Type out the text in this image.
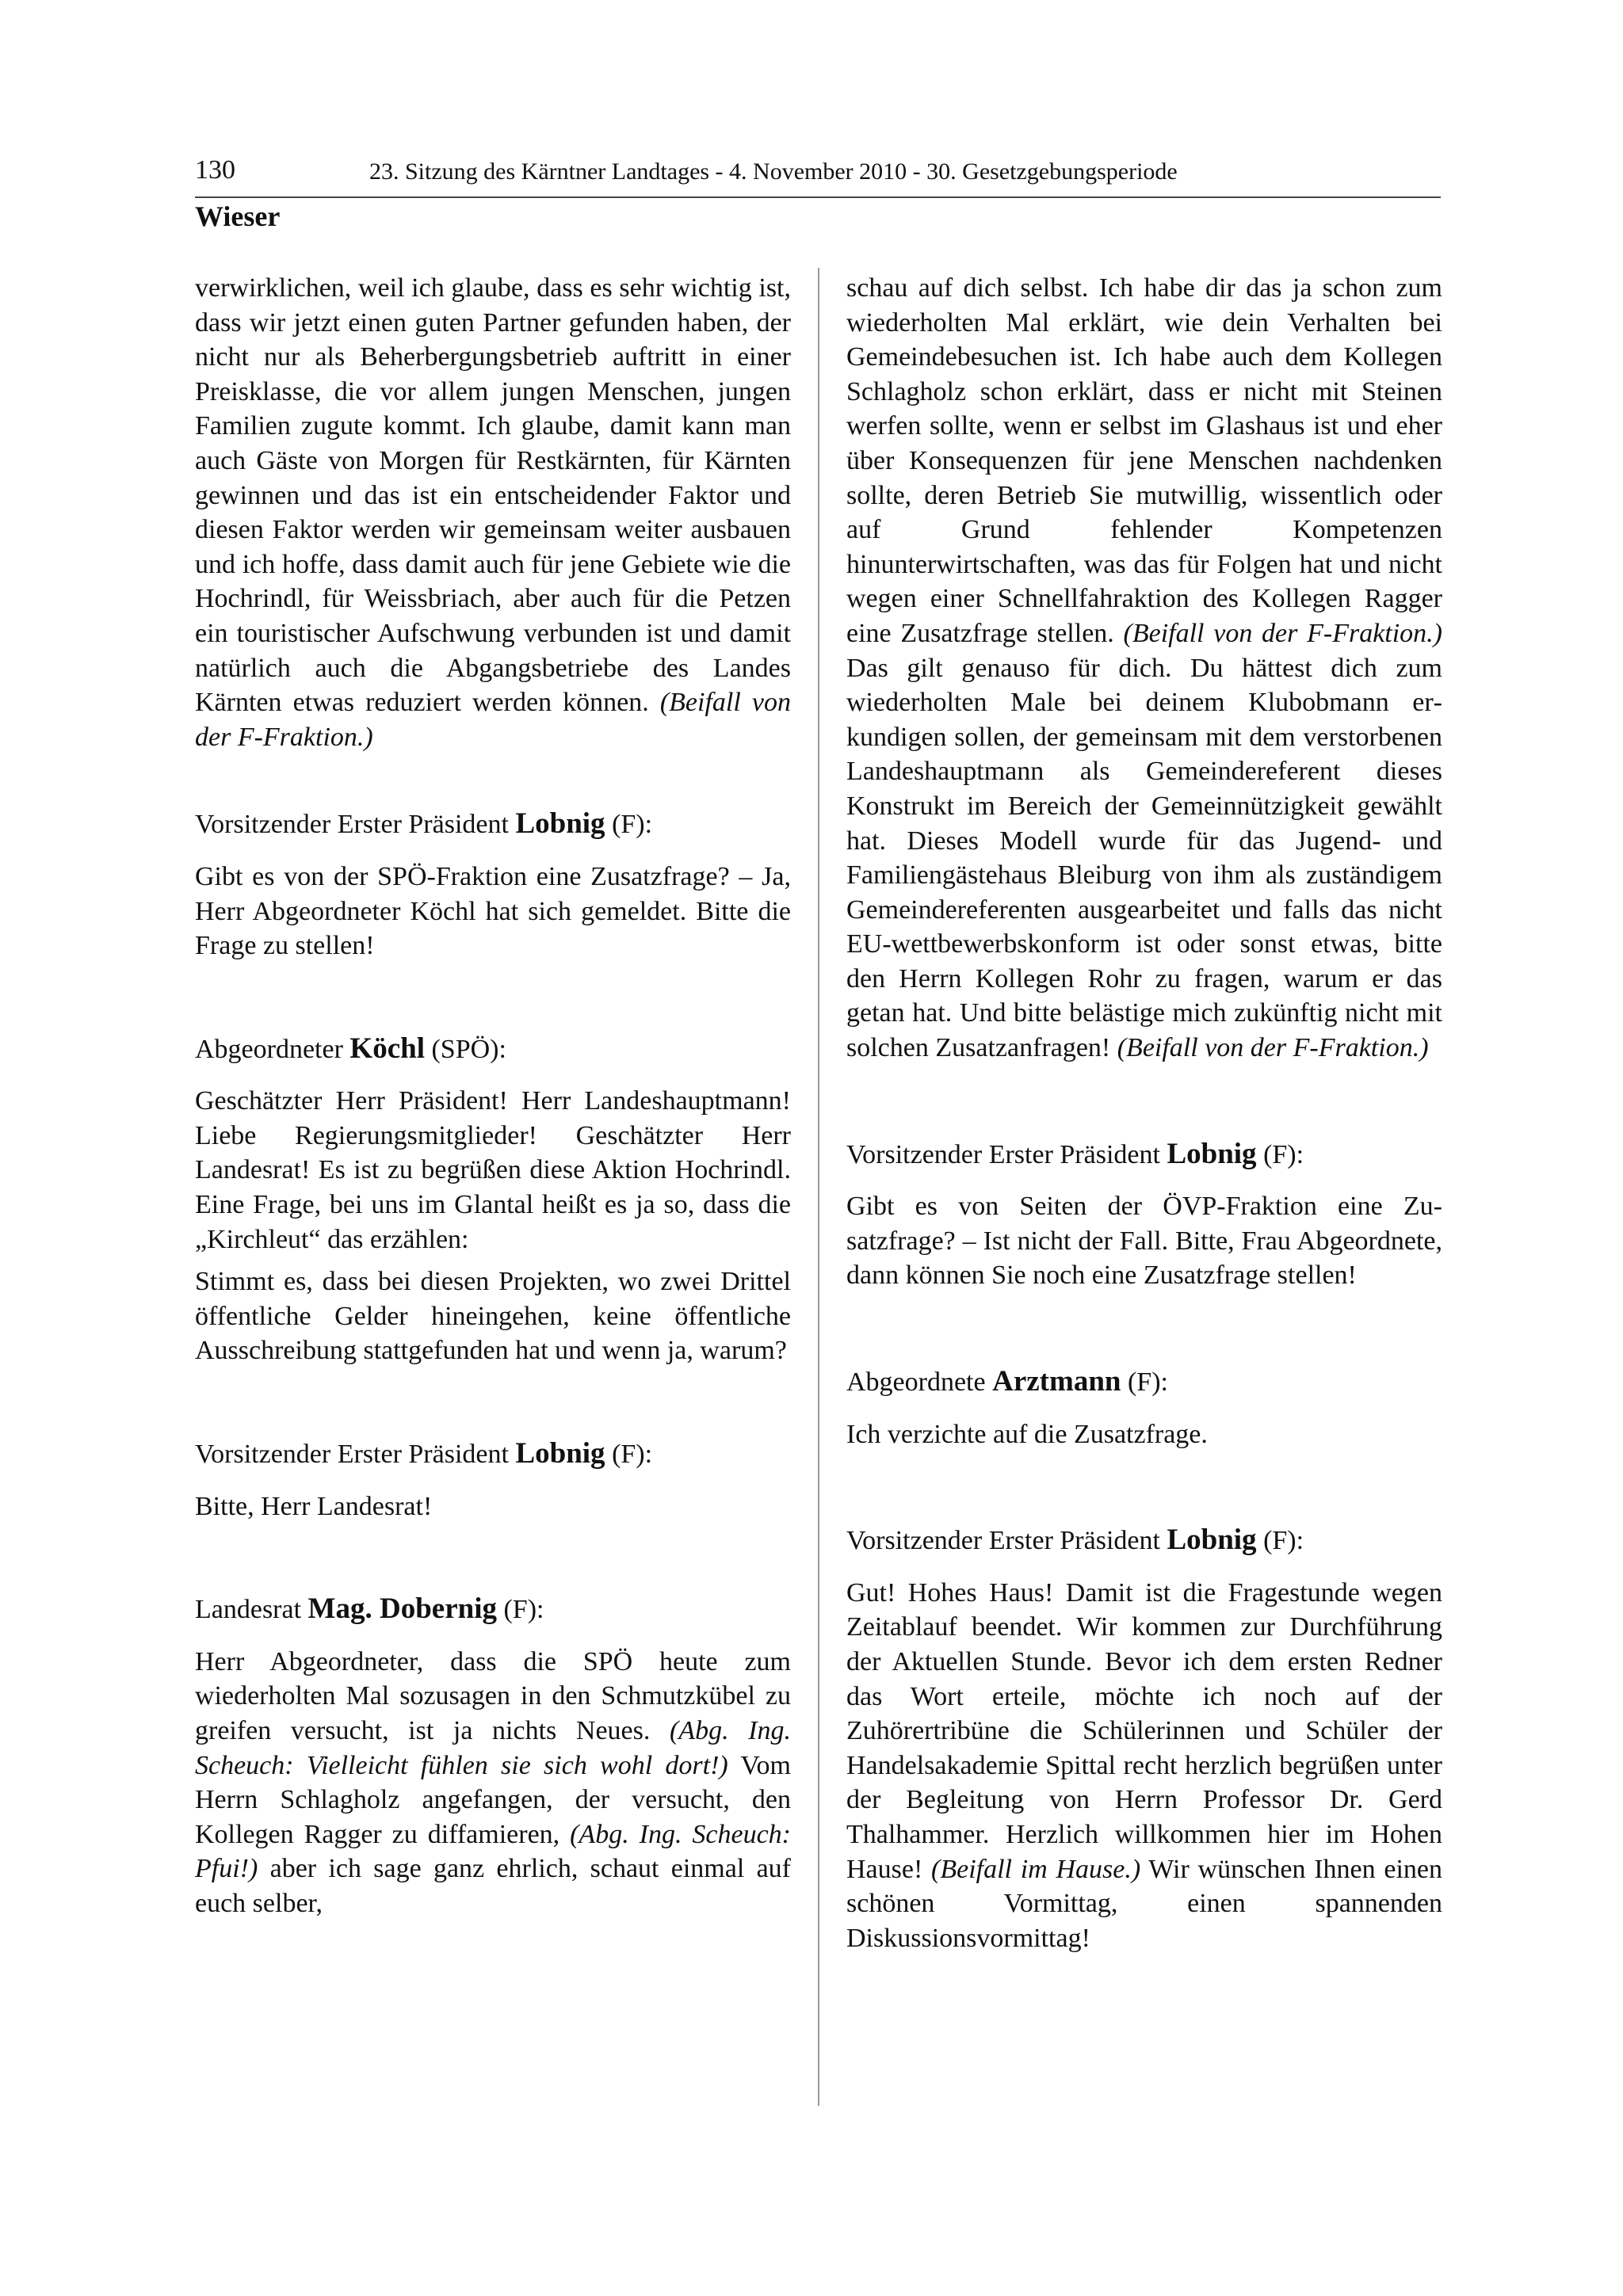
130	23. Sitzung des Kärntner Landtages - 4. November 2010 - 30. Gesetzgebungsperiode
Wieser

verwirklichen, weil ich glaube, dass es sehr wichtig ist, dass wir jetzt einen guten Partner gefunden haben, der nicht nur als Beherbergungsbetrieb auftritt in einer Preisklasse, die vor allem jungen Menschen, jungen Familien zugute kommt. Ich glaube, damit kann man auch Gäste von Morgen für Restkärnten, für Kärnten gewinnen und das ist ein entscheidender Faktor und diesen Faktor werden wir gemeinsam weiter ausbauen und ich hoffe, dass damit auch für jene Gebiete wie die Hochrindl, für Weissbriach, aber auch für die Petzen ein touristischer Aufschwung verbunden ist und damit natürlich auch die Abgangsbetriebe des Landes Kärnten etwas reduziert werden können. (Beifall von der F-Fraktion.)

Vorsitzender Erster Präsident Lobnig (F):

Gibt es von der SPÖ-Fraktion eine Zusatzfrage? – Ja, Herr Abgeordneter Köchl hat sich gemeldet. Bitte die Frage zu stellen!

Abgeordneter Köchl (SPÖ):

Geschätzter Herr Präsident! Herr Landeshauptmann! Liebe Regierungsmitglieder! Geschätzter Herr Landesrat! Es ist zu begrüßen diese Aktion Hochrindl. Eine Frage, bei uns im Glantal heißt es ja so, dass die „Kirchleut“ das erzählen:

Stimmt es, dass bei diesen Projekten, wo zwei Drittel öffentliche Gelder hineingehen, keine öffentliche Ausschreibung stattgefunden hat und wenn ja, warum?

Vorsitzender Erster Präsident Lobnig (F):

Bitte, Herr Landesrat!

Landesrat Mag. Dobernig (F):

Herr Abgeordneter, dass die SPÖ heute zum wiederholten Mal sozusagen in den Schmutzkübel zu greifen versucht, ist ja nichts Neues. (Abg. Ing. Scheuch: Vielleicht fühlen sie sich wohl dort!) Vom Herrn Schlagholz angefangen, der versucht, den Kollegen Ragger zu diffamieren, (Abg. Ing. Scheuch: Pfui!) aber ich sage ganz ehrlich, schaut einmal auf euch selber,

schau auf dich selbst. Ich habe dir das ja schon zum wiederholten Mal erklärt, wie dein Verhalten bei Gemeindebesuchen ist. Ich habe auch dem Kollegen Schlagholz schon erklärt, dass er nicht mit Steinen werfen sollte, wenn er selbst im Glashaus ist und eher über Konsequenzen für jene Menschen nachdenken sollte, deren Betrieb Sie mutwillig, wissentlich oder auf Grund fehlender Kompetenzen hinunterwirtschaften, was das für Folgen hat und nicht wegen einer Schnellfahraktion des Kollegen Ragger eine Zusatzfrage stellen. (Beifall von der F-Fraktion.) Das gilt genauso für dich. Du hättest dich zum wiederholten Male bei deinem Klubobmann erkundigen sollen, der gemeinsam mit dem verstorbenen Landeshauptmann als Gemeindereferent dieses Konstrukt im Bereich der Gemeinnützigkeit gewählt hat. Dieses Modell wurde für das Jugend- und Familiengästehaus Bleiburg von ihm als zuständigem Gemeindereferenten ausgearbeitet und falls das nicht EU-wettbewerbskonform ist oder sonst etwas, bitte den Herrn Kollegen Rohr zu fragen, warum er das getan hat. Und bitte belästige mich zukünftig nicht mit solchen Zusatzanfragen! (Beifall von der F-Fraktion.)

Vorsitzender Erster Präsident Lobnig (F):

Gibt es von Seiten der ÖVP-Fraktion eine Zusatzfrage? – Ist nicht der Fall. Bitte, Frau Abgeordnete, dann können Sie noch eine Zusatzfrage stellen!

Abgeordnete Arztmann (F):

Ich verzichte auf die Zusatzfrage.

Vorsitzender Erster Präsident Lobnig (F):

Gut! Hohes Haus! Damit ist die Fragestunde wegen Zeitablauf beendet. Wir kommen zur Durchführung der Aktuellen Stunde. Bevor ich dem ersten Redner das Wort erteile, möchte ich noch auf der Zuhörertribüne die Schülerinnen und Schüler der Handelsakademie Spittal recht herzlich begrüßen unter der Begleitung von Herrn Professor Dr. Gerd Thalhammer. Herzlich willkommen hier im Hohen Hause! (Beifall im Hause.) Wir wünschen Ihnen einen schönen Vormittag, einen spannenden Diskussionsvormittag!
